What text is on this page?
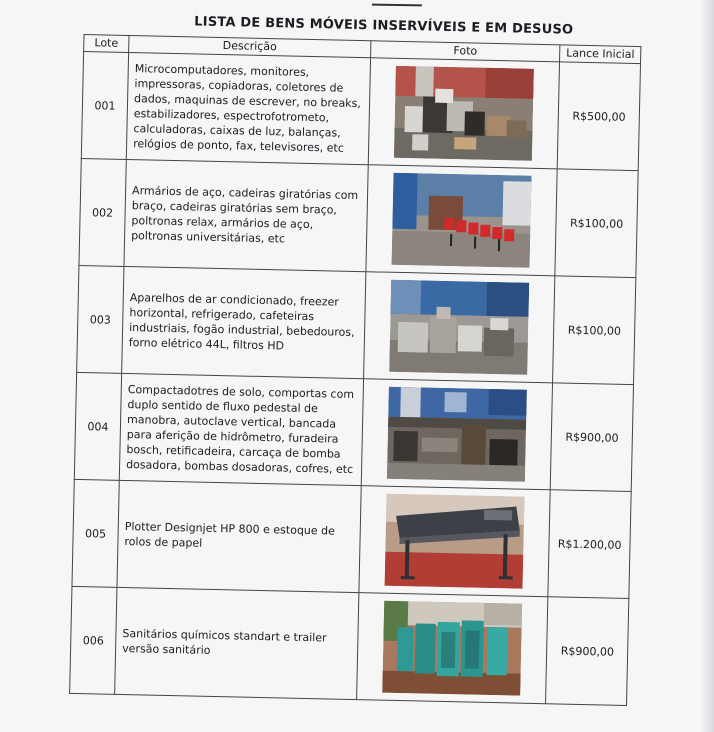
LISTA DE BENS MÓVEIS INSERVÍVEIS E EM DESUSO
Lote	Descrição	Foto	Lance Inicial
001	Microcomputadores, monitores, impressoras, copiadoras, coletores de dados, maquinas de escrever, no breaks, estabilizadores, espectrofotrometo, calculadoras, caixas de luz, balanças, relógios de ponto, fax, televisores, etc		R$500,00
002	Armários de aço, cadeiras giratórias com braço, cadeiras giratórias sem braço, poltronas relax, armários de aço, poltronas universitárias, etc		R$100,00
003	Aparelhos de ar condicionado, freezer horizontal, refrigerado, cafeteiras industriais, fogão industrial, bebedouros, forno elétrico 44L, filtros HD		R$100,00
004	Compactadotres de solo, comportas com duplo sentido de fluxo pedestal de manobra, autoclave vertical, bancada para aferição de hidrômetro, furadeira bosch, retificadeira, carcaça de bomba dosadora, bombas dosadoras, cofres, etc		R$900,00
005	Plotter Designjet HP 800 e estoque de rolos de papel		R$1.200,00
006	Sanitários químicos standart e trailer versão sanitário		R$900,00
